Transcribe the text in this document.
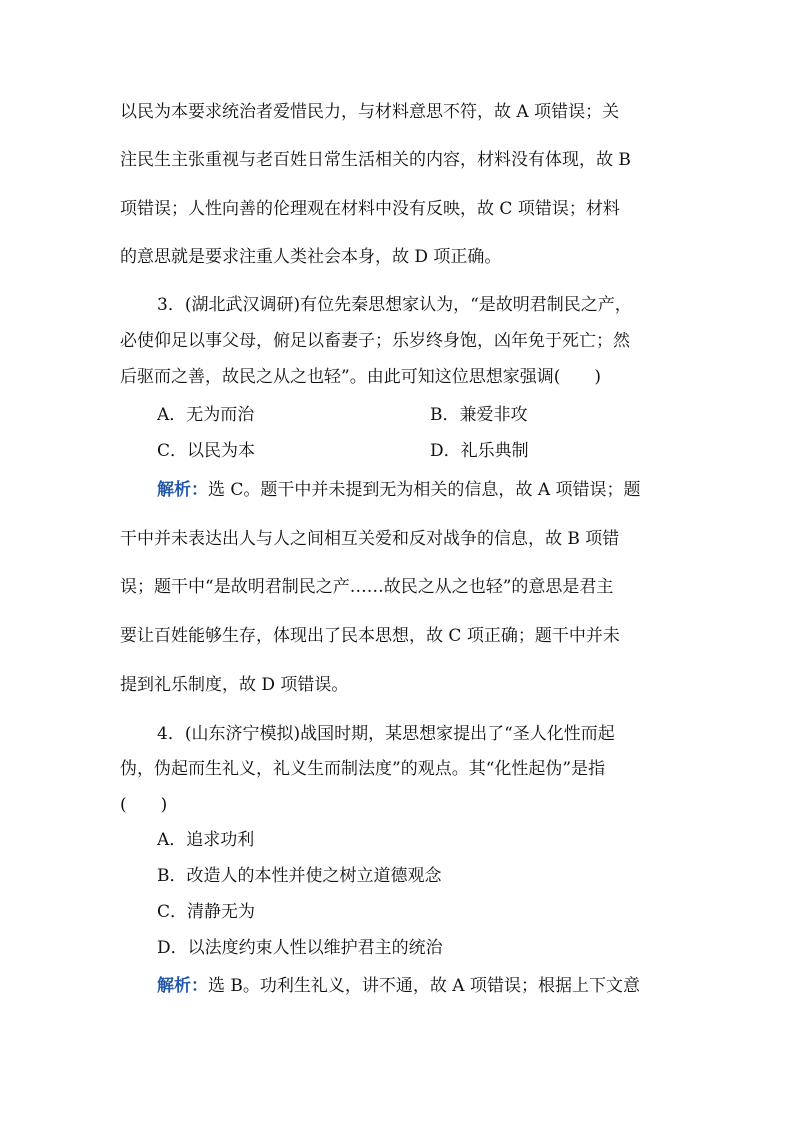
以民为本要求统治者爱惜民力，与材料意思不符，故 A 项错误；关
注民生主张重视与老百姓日常生活相关的内容，材料没有体现，故 B
项错误；人性向善的伦理观在材料中没有反映，故 C 项错误；材料
的意思就是要求注重人类社会本身，故 D 项正确。
3．(湖北武汉调研)有位先秦思想家认为，“是故明君制民之产，
必使仰足以事父母，俯足以畜妻子；乐岁终身饱，凶年免于死亡；然
后驱而之善，故民之从之也轻”。由此可知这位思想家强调(　　)
A．无为而治	B．兼爱非攻
C．以民为本	D．礼乐典制
解析：选 C。题干中并未提到无为相关的信息，故 A 项错误；题
干中并未表达出人与人之间相互关爱和反对战争的信息，故 B 项错
误；题干中“是故明君制民之产……故民之从之也轻”的意思是君主
要让百姓能够生存，体现出了民本思想，故 C 项正确；题干中并未
提到礼乐制度，故 D 项错误。
4．(山东济宁模拟)战国时期，某思想家提出了“圣人化性而起
伪，伪起而生礼义，礼义生而制法度”的观点。其“化性起伪”是指
(　　)
A．追求功利
B．改造人的本性并使之树立道德观念
C．清静无为
D．以法度约束人性以维护君主的统治
解析：选 B。功利生礼义，讲不通，故 A 项错误；根据上下文意
